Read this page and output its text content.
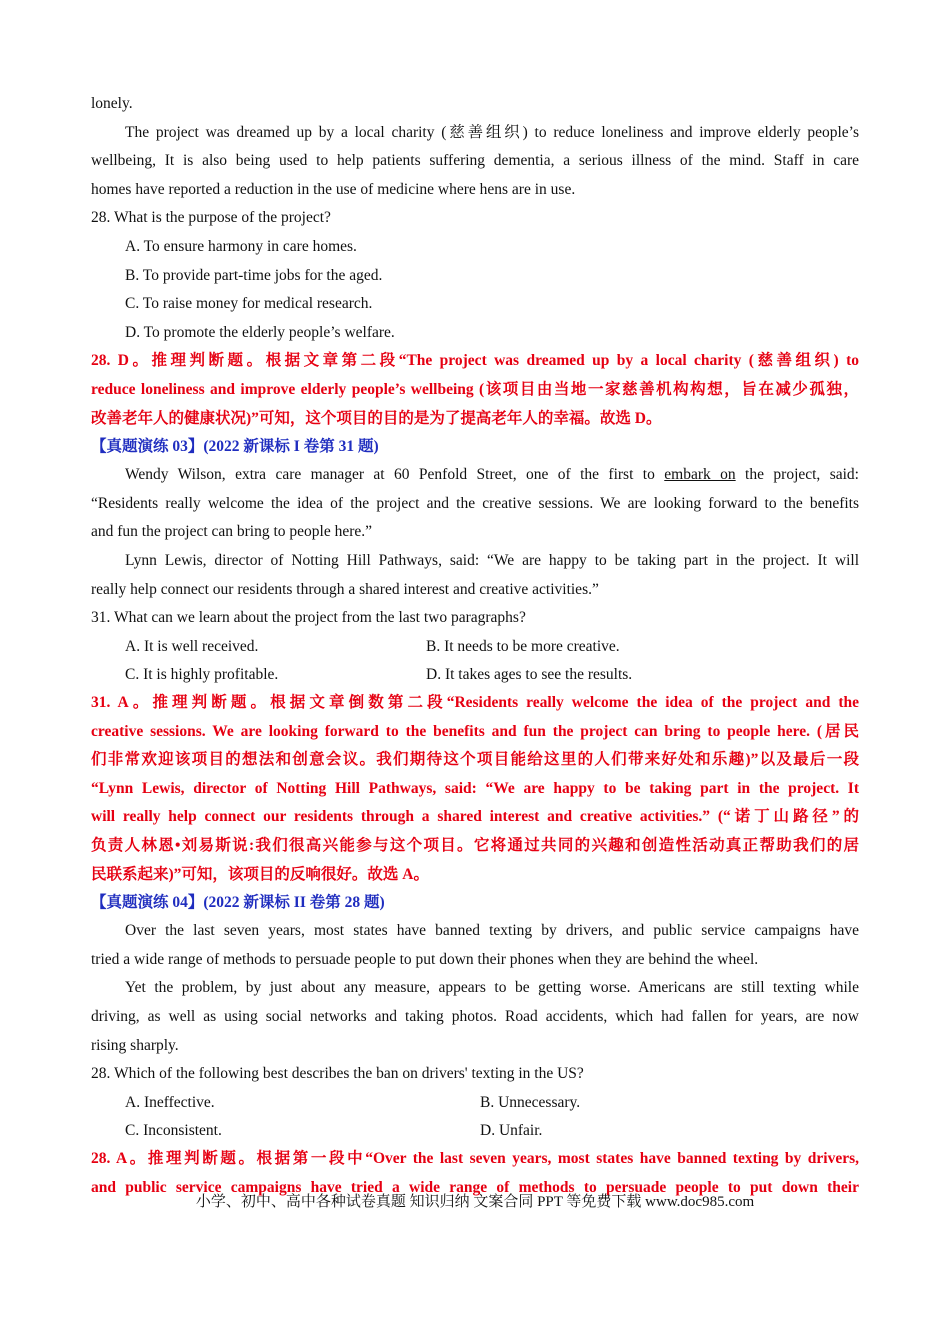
lonely.
The project was dreamed up by a local charity (慈善组织) to reduce loneliness and improve elderly people’s
wellbeing, It is also being used to help patients suffering dementia, a serious illness of the mind. Staff in care
homes have reported a reduction in the use of medicine where hens are in use.
28. What is the purpose of the project?
A. To ensure harmony in care homes.
B. To provide part-time jobs for the aged.
C. To raise money for medical research.
D. To promote the elderly people’s welfare.
28. D。推理判断题。根据文章第二段“The project was dreamed up by a local charity (慈善组织) to
reduce loneliness and improve elderly people’s wellbeing (该项目由当地一家慈善机构构想，旨在减少孤独，
改善老年人的健康状况)”可知，这个项目的目的是为了提高老年人的幸福。故选 D。
【真题演练 03】(2022 新课标 I 卷第 31 题)
Wendy Wilson, extra care manager at 60 Penfold Street, one of the first to embark on the project, said:
“Residents really welcome the idea of the project and the creative sessions. We are looking forward to the benefits
and fun the project can bring to people here.”
Lynn Lewis, director of Notting Hill Pathways, said: “We are happy to be taking part in the project. It will
really help connect our residents through a shared interest and creative activities.”
31. What can we learn about the project from the last two paragraphs?
A. It is well received.	B. It needs to be more creative.
C. It is highly profitable.	D. It takes ages to see the results.
31. A。推理判断题。根据文章倒数第二段“Residents really welcome the idea of the project and the
creative sessions. We are looking forward to the benefits and fun the project can bring to people here. (居民
们非常欢迎该项目的想法和创意会议。我们期待这个项目能给这里的人们带来好处和乐趣)”以及最后一段
“Lynn Lewis, director of Notting Hill Pathways, said: “We are happy to be taking part in the project. It
will really help connect our residents through a shared interest and creative activities.” (“诺丁山路径”的
负责人林恩•刘易斯说:我们很高兴能参与这个项目。它将通过共同的兴趣和创造性活动真正帮助我们的居
民联系起来)”可知，该项目的反响很好。故选 A。
【真题演练 04】(2022 新课标 II 卷第 28 题)
Over the last seven years, most states have banned texting by drivers, and public service campaigns have
tried a wide range of methods to persuade people to put down their phones when they are behind the wheel.
Yet the problem, by just about any measure, appears to be getting worse. Americans are still texting while
driving, as well as using social networks and taking photos. Road accidents, which had fallen for years, are now
rising sharply.
28. Which of the following best describes the ban on drivers' texting in the US?
A. Ineffective.	B. Unnecessary.
C. Inconsistent.	D. Unfair.
28. A。推理判断题。根据第一段中“Over the last seven years, most states have banned texting by drivers,
and public service campaigns have tried a wide range of methods to persuade people to put down their
小学、初中、高中各种试卷真题 知识归纳 文案合同 PPT 等免费下载 www.doc985.com
